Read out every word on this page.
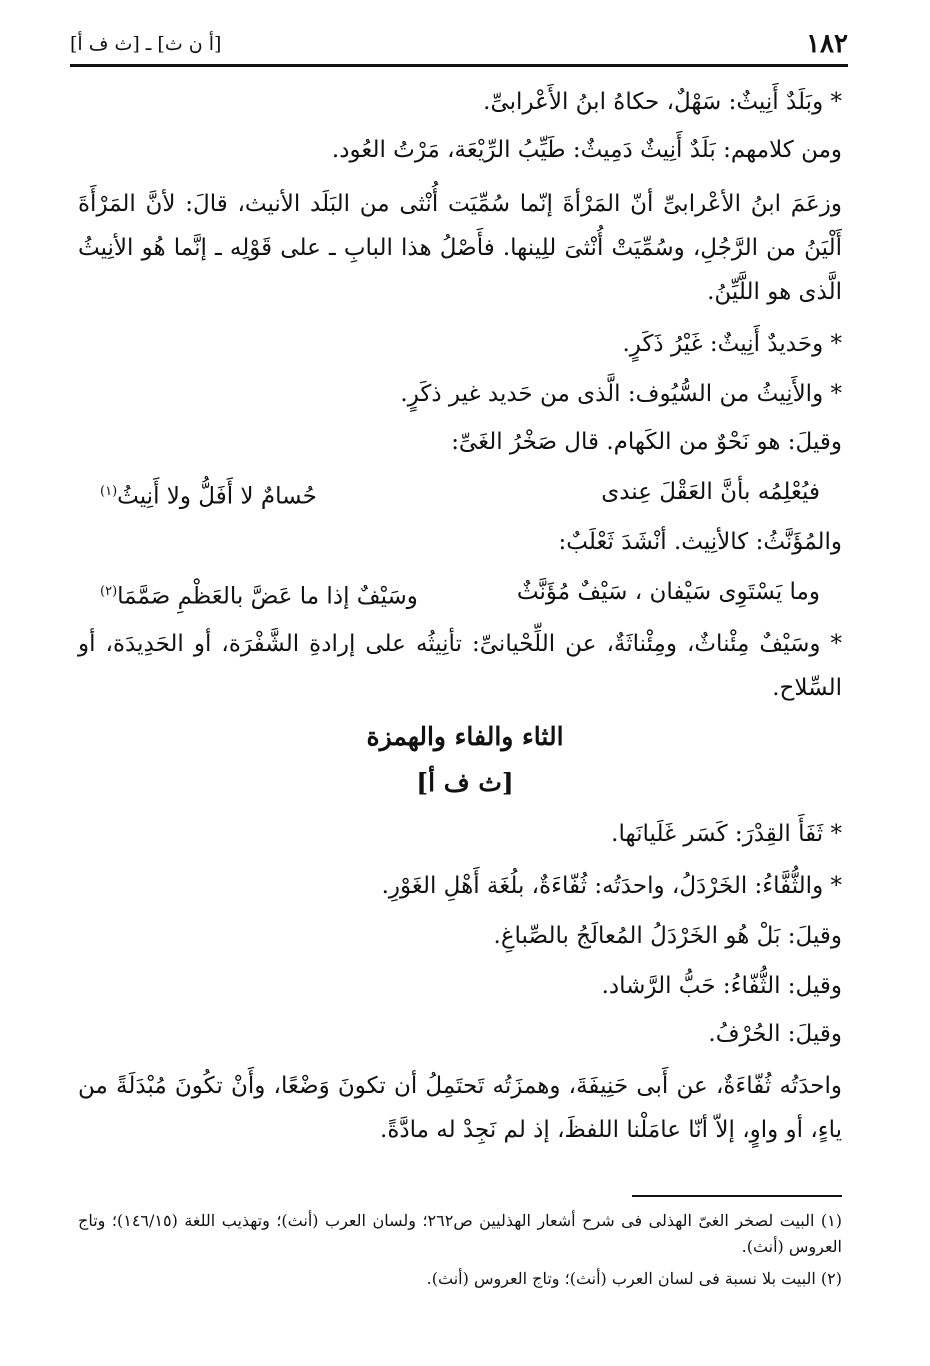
١٨٢
[أ ن ث] ـ [ث ف أ]

* وبَلَدٌ أَنِيثٌ: سَهْلٌ، حكاهُ ابنُ الأَعْرابىِّ.

ومن كلامهم: بَلَدٌ أَنِيثٌ دَمِيثٌ: طَيِّبُ الرِّيْعَة، مَرْتُ العُود.

وزعَمَ ابنُ الأعْرابىِّ أنّ المَرْأةَ إنّما سُمِّيَت أُنْثى من البَلَد الأنيث، قالَ: لأنَّ المَرْأَةَ أَلْيَنُ من الرَّجُلِ، وسُمِّيَتْ أُنْثىَ للِينها. فأَصْلُ هذا البابِ ـ على قَوْلِه ـ إنَّما هُو الأنِيثُ الَّذى هو اللَّيِّنُ.

* وحَديدٌ أَنِيثٌ: غَيْرُ ذَكَرٍ.

* والأَنِيثُ من السُّيُوف: الَّذى من حَديد غير ذكَرٍ.

وقيلَ: هو نَحْوٌ من الكَهام. قال صَخْرُ الغَىِّ:

فيُعْلِمُه بأنَّ العَقْلَ عِندى
حُسامٌ لا أَفَلُّ ولا أَنِيثُ$^{(١)}$

والمُؤَنَّثُ: كالأنِيث. أنْشَدَ ثَعْلَبٌ:

وما يَسْتَوِى سَيْفان ، سَيْفٌ مُؤَنَّثٌ
وسَيْفٌ إذا ما عَضَّ بالعَظْمِ صَمَّمَا$^{(٢)}$

* وسَيْفٌ مِئْناثٌ، ومِئْناثَةٌ، عن اللِّحْيانىِّ: تأنِيثُه على إرادةِ الشَّفْرَة، أو الحَدِيدَة، أو السِّلاح.

الثاء والفاء والهمزة
[ث ف أ]

* ثَفَأَ القِدْرَ: كَسَر غَلَيانَها.

* والثُّفَّاءُ: الخَرْدَلُ، واحدَتُه: ثُفّاءَةٌ، بلُغَة أَهْلِ الغَوْرِ.

وقيلَ: بَلْ هُو الخَرْدَلُ المُعالَجُ بالصِّباغِ.

وقيل: الثُّفّاءُ: حَبُّ الرَّشاد.

وقيلَ: الحُرْفُ.

واحدَتُه ثُفّاءَةٌ، عن أَبى حَنِيفَةَ، وهمزَتُه تَحتَمِلُ أن تكونَ وَضْعًا، وأَنْ تكُونَ مُبْدَلَةً من ياءٍ، أو واوٍ، إلاّ أنّا عامَلْنا اللفظَ، إذ لم نَجِدْ له مادَّةً.

(١) البيت لصخر الغىّ الهذلى فى شرح أشعار الهذليين ص٢٦٢؛ ولسان العرب (أنث)؛ وتهذيب اللغة (١٤٦/١٥)؛ وتاج العروس (أنث).

(٢) البيت بلا نسبة فى لسان العرب (أنث)؛ وتاج العروس (أنث).
